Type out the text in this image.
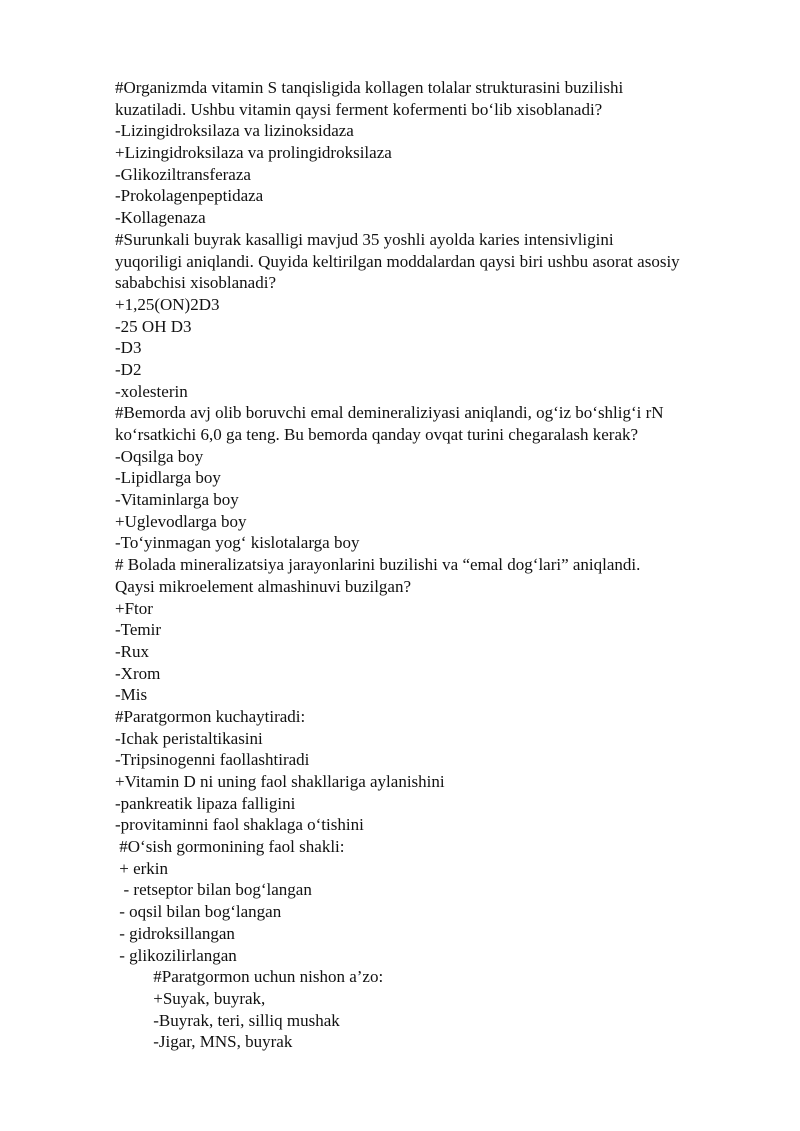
#Organizmda vitamin S tanqisligida kollagen tolalar strukturasini buzilishi
kuzatiladi. Ushbu vitamin qaysi ferment kofermenti bo‘lib xisoblanadi?
-Lizingidroksilaza va lizinoksidaza
+Lizingidroksilaza va prolingidroksilaza
-Glikoziltransferaza
-Prokolagenpeptidaza
-Kollagenaza
#Surunkali buyrak kasalligi mavjud 35 yoshli ayolda karies intensivligini
yuqoriligi aniqlandi. Quyida keltirilgan moddalardan qaysi biri ushbu asorat asosiy
sababchisi xisoblanadi?
+1,25(ON)2D3
-25 OH D3
-D3
-D2
-xolesterin
#Bemorda avj olib boruvchi emal demineraliziyasi aniqlandi, og‘iz bo‘shlig‘i rN
ko‘rsatkichi 6,0 ga teng. Bu bemorda qanday ovqat turini chegaralash kerak?
-Oqsilga boy
-Lipidlarga boy
-Vitaminlarga boy
+Uglevodlarga boy
-To‘yinmagan yog‘ kislotalarga boy
# Bolada mineralizatsiya jarayonlarini buzilishi va “emal dog‘lari” aniqlandi.
Qaysi mikroelement almashinuvi buzilgan?
+Ftor
-Temir
-Rux
-Xrom
-Mis
#Paratgormon kuchaytiradi:
-Ichak peristaltikasini
-Tripsinogenni faollashtiradi
+Vitamin D ni uning faol shakllariga aylanishini
-pankreatik lipaza falligini
-provitaminni faol shaklaga o‘tishini
#O‘sish gormonining faol shakli:
+ erkin
- retseptor bilan bog‘langan
- oqsil bilan bog‘langan
- gidroksillangan
- glikozilirlangan
#Paratgormon uchun nishon a’zo:
+Suyak, buyrak,
-Buyrak, teri, silliq mushak
-Jigar, MNS, buyrak
